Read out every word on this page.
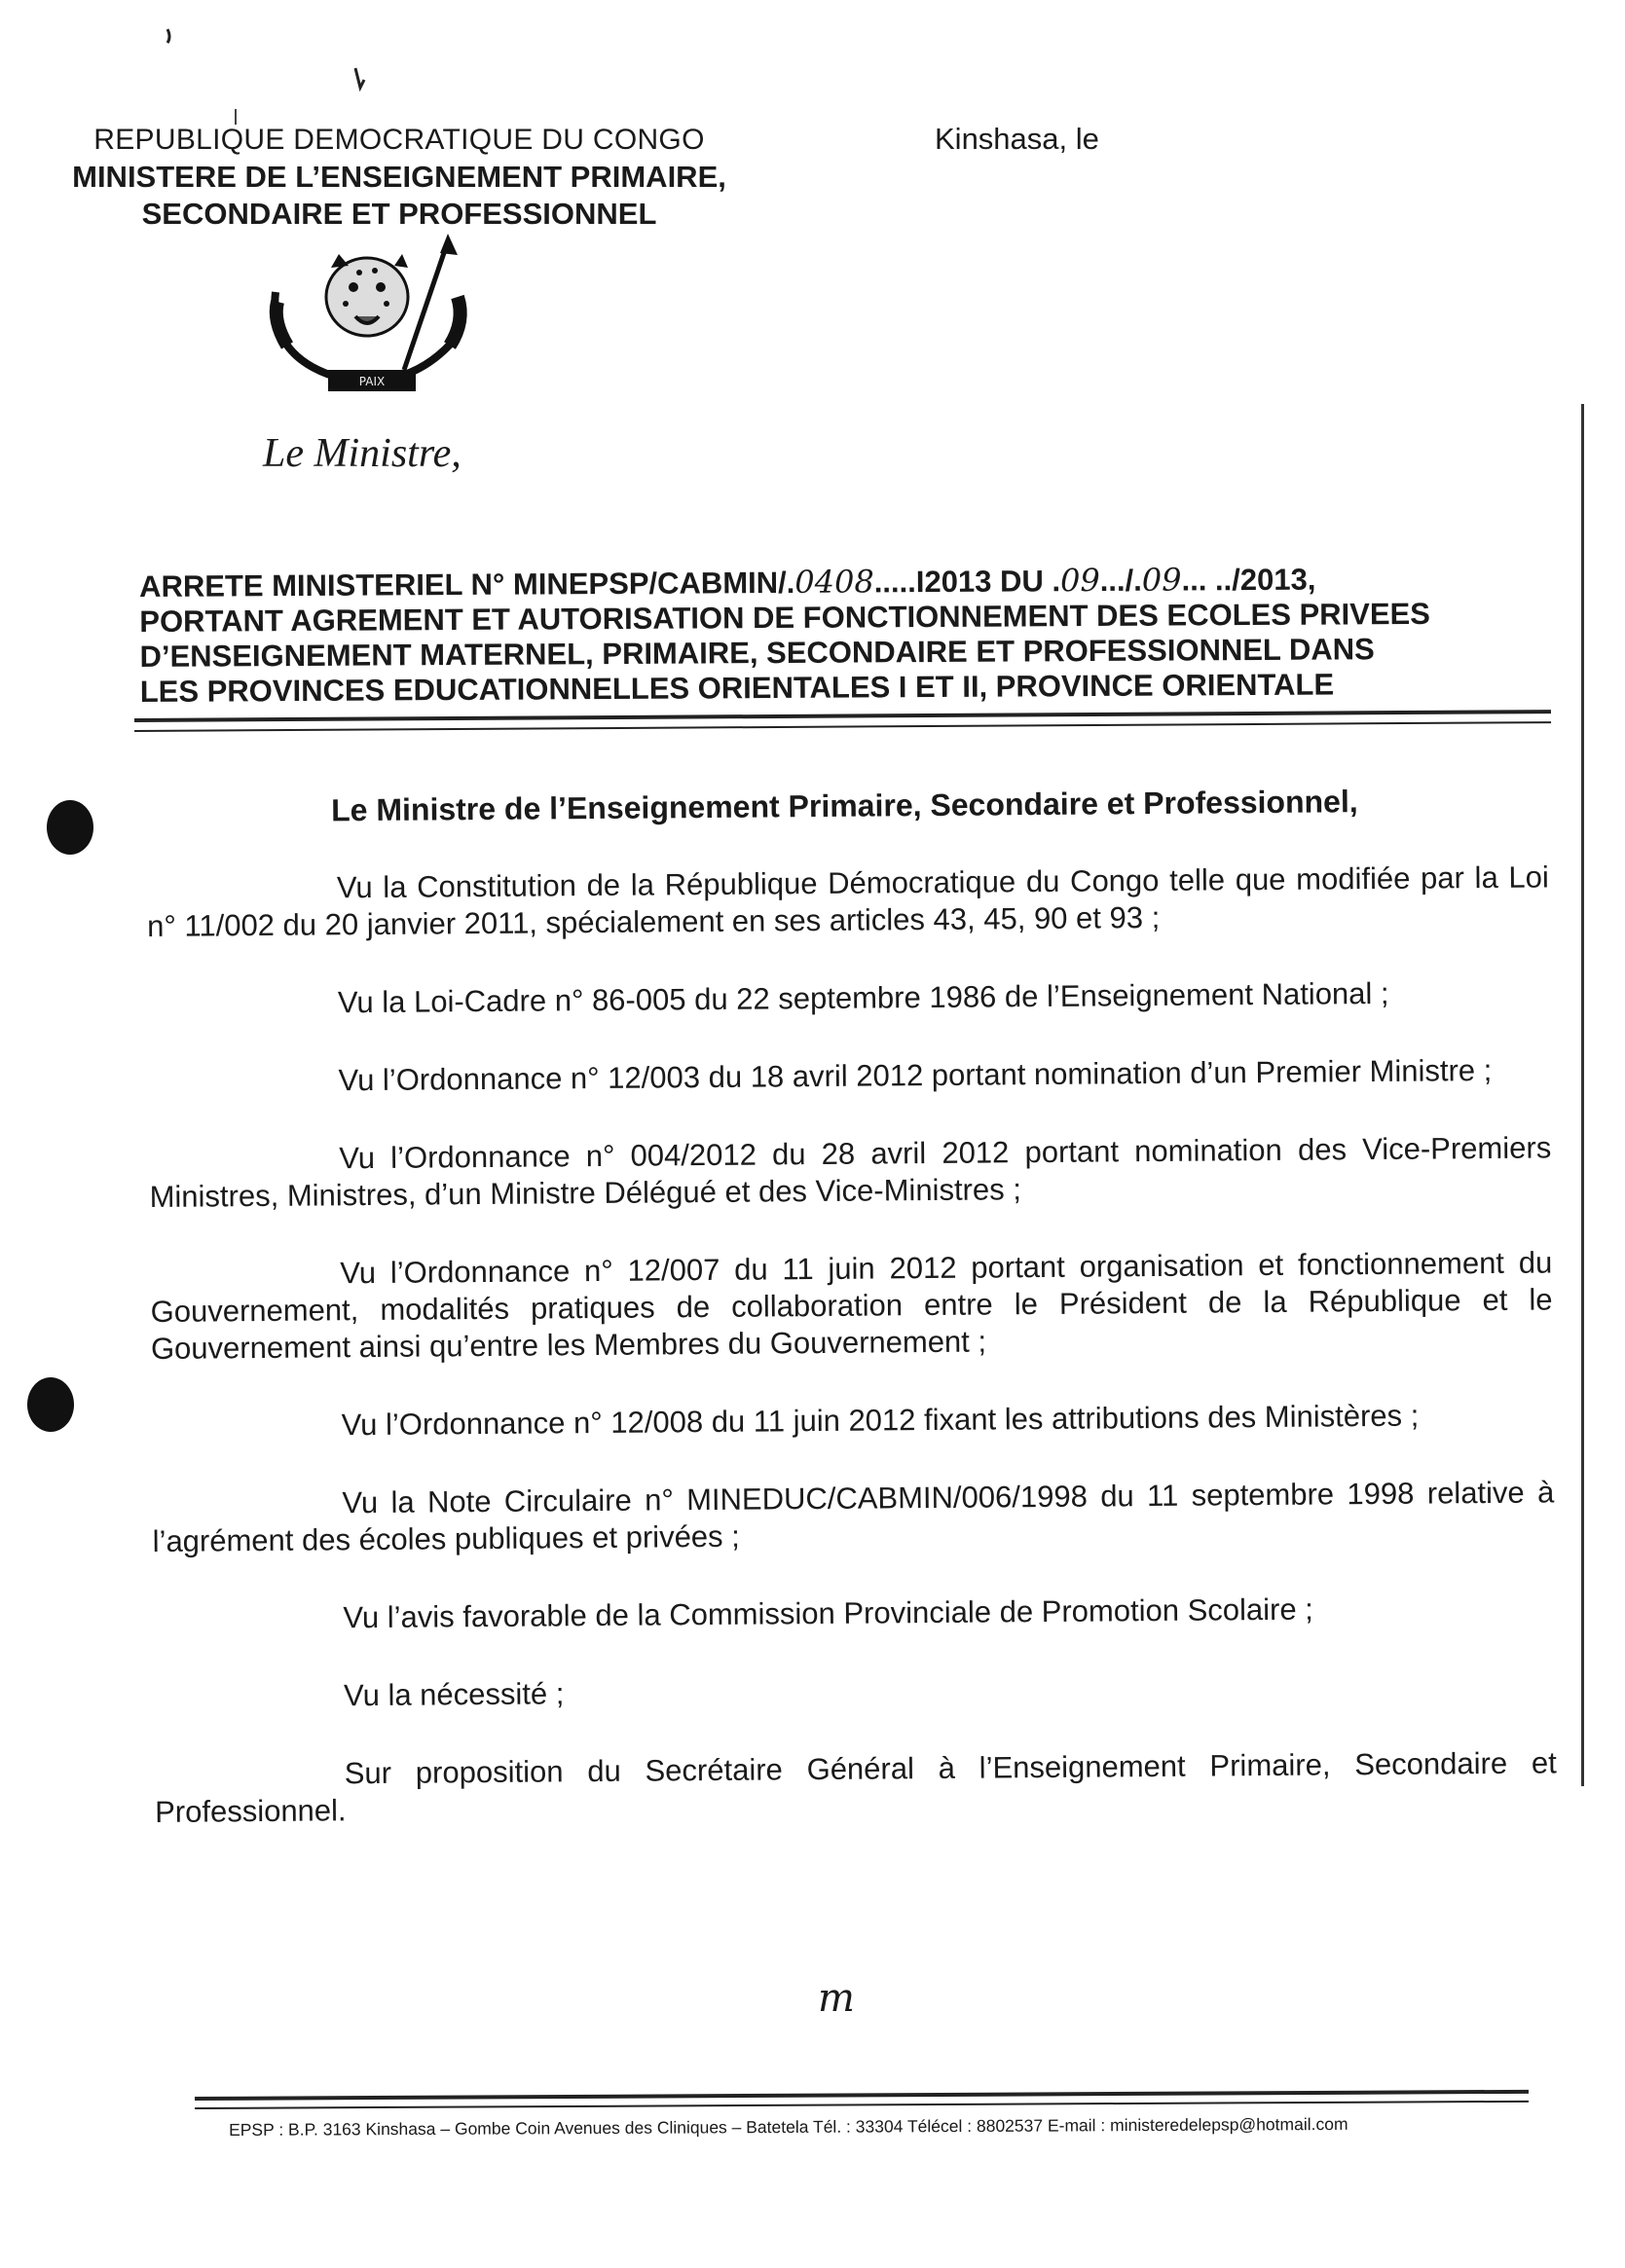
REPUBLIQUE DEMOCRATIQUE DU CONGO
MINISTERE DE L’ENSEIGNEMENT PRIMAIRE,
SECONDAIRE ET PROFESSIONNEL
Kinshasa, le
PAIX
Le Ministre,
ARRETE MINISTERIEL N° MINEPSP/CABMIN/.0408.....I2013 DU .09.../.09... ../2013,
PORTANT AGREMENT ET AUTORISATION DE FONCTIONNEMENT DES ECOLES PRIVEES
D’ENSEIGNEMENT MATERNEL, PRIMAIRE, SECONDAIRE ET PROFESSIONNEL DANS
LES PROVINCES EDUCATIONNELLES ORIENTALES I ET II, PROVINCE ORIENTALE
Le Ministre de l’Enseignement Primaire, Secondaire et Professionnel,

Vu la Constitution de la République Démocratique du Congo telle que modifiée par la Loi n° 11/002 du 20 janvier 2011, spécialement en ses articles 43, 45, 90 et 93 ;

Vu la Loi-Cadre n° 86-005 du 22 septembre 1986 de l’Enseignement National ;

Vu l’Ordonnance n° 12/003 du 18 avril 2012 portant nomination d’un Premier Ministre ;

Vu l’Ordonnance n° 004/2012 du 28 avril 2012 portant nomination des Vice-Premiers Ministres, Ministres, d’un Ministre Délégué et des Vice-Ministres ;

Vu l’Ordonnance n° 12/007 du 11 juin 2012 portant organisation et fonctionnement du Gouvernement, modalités pratiques de collaboration entre le Président de la République et le Gouvernement ainsi qu’entre les Membres du Gouvernement ;

Vu l’Ordonnance n° 12/008 du 11 juin 2012 fixant les attributions des Ministères ;

Vu la Note Circulaire n° MINEDUC/CABMIN/006/1998 du 11 septembre 1998 relative à l’agrément des écoles publiques et privées ;

Vu l’avis favorable de la Commission Provinciale de Promotion Scolaire ;

Vu la nécessité ;

Sur proposition du Secrétaire Général à l’Enseignement Primaire, Secondaire et Professionnel.

m
EPSP : B.P. 3163 Kinshasa – Gombe Coin Avenues des Cliniques – Batetela Tél. : 33304 Télécel : 8802537 E-mail : ministeredelepsp@hotmail.com
